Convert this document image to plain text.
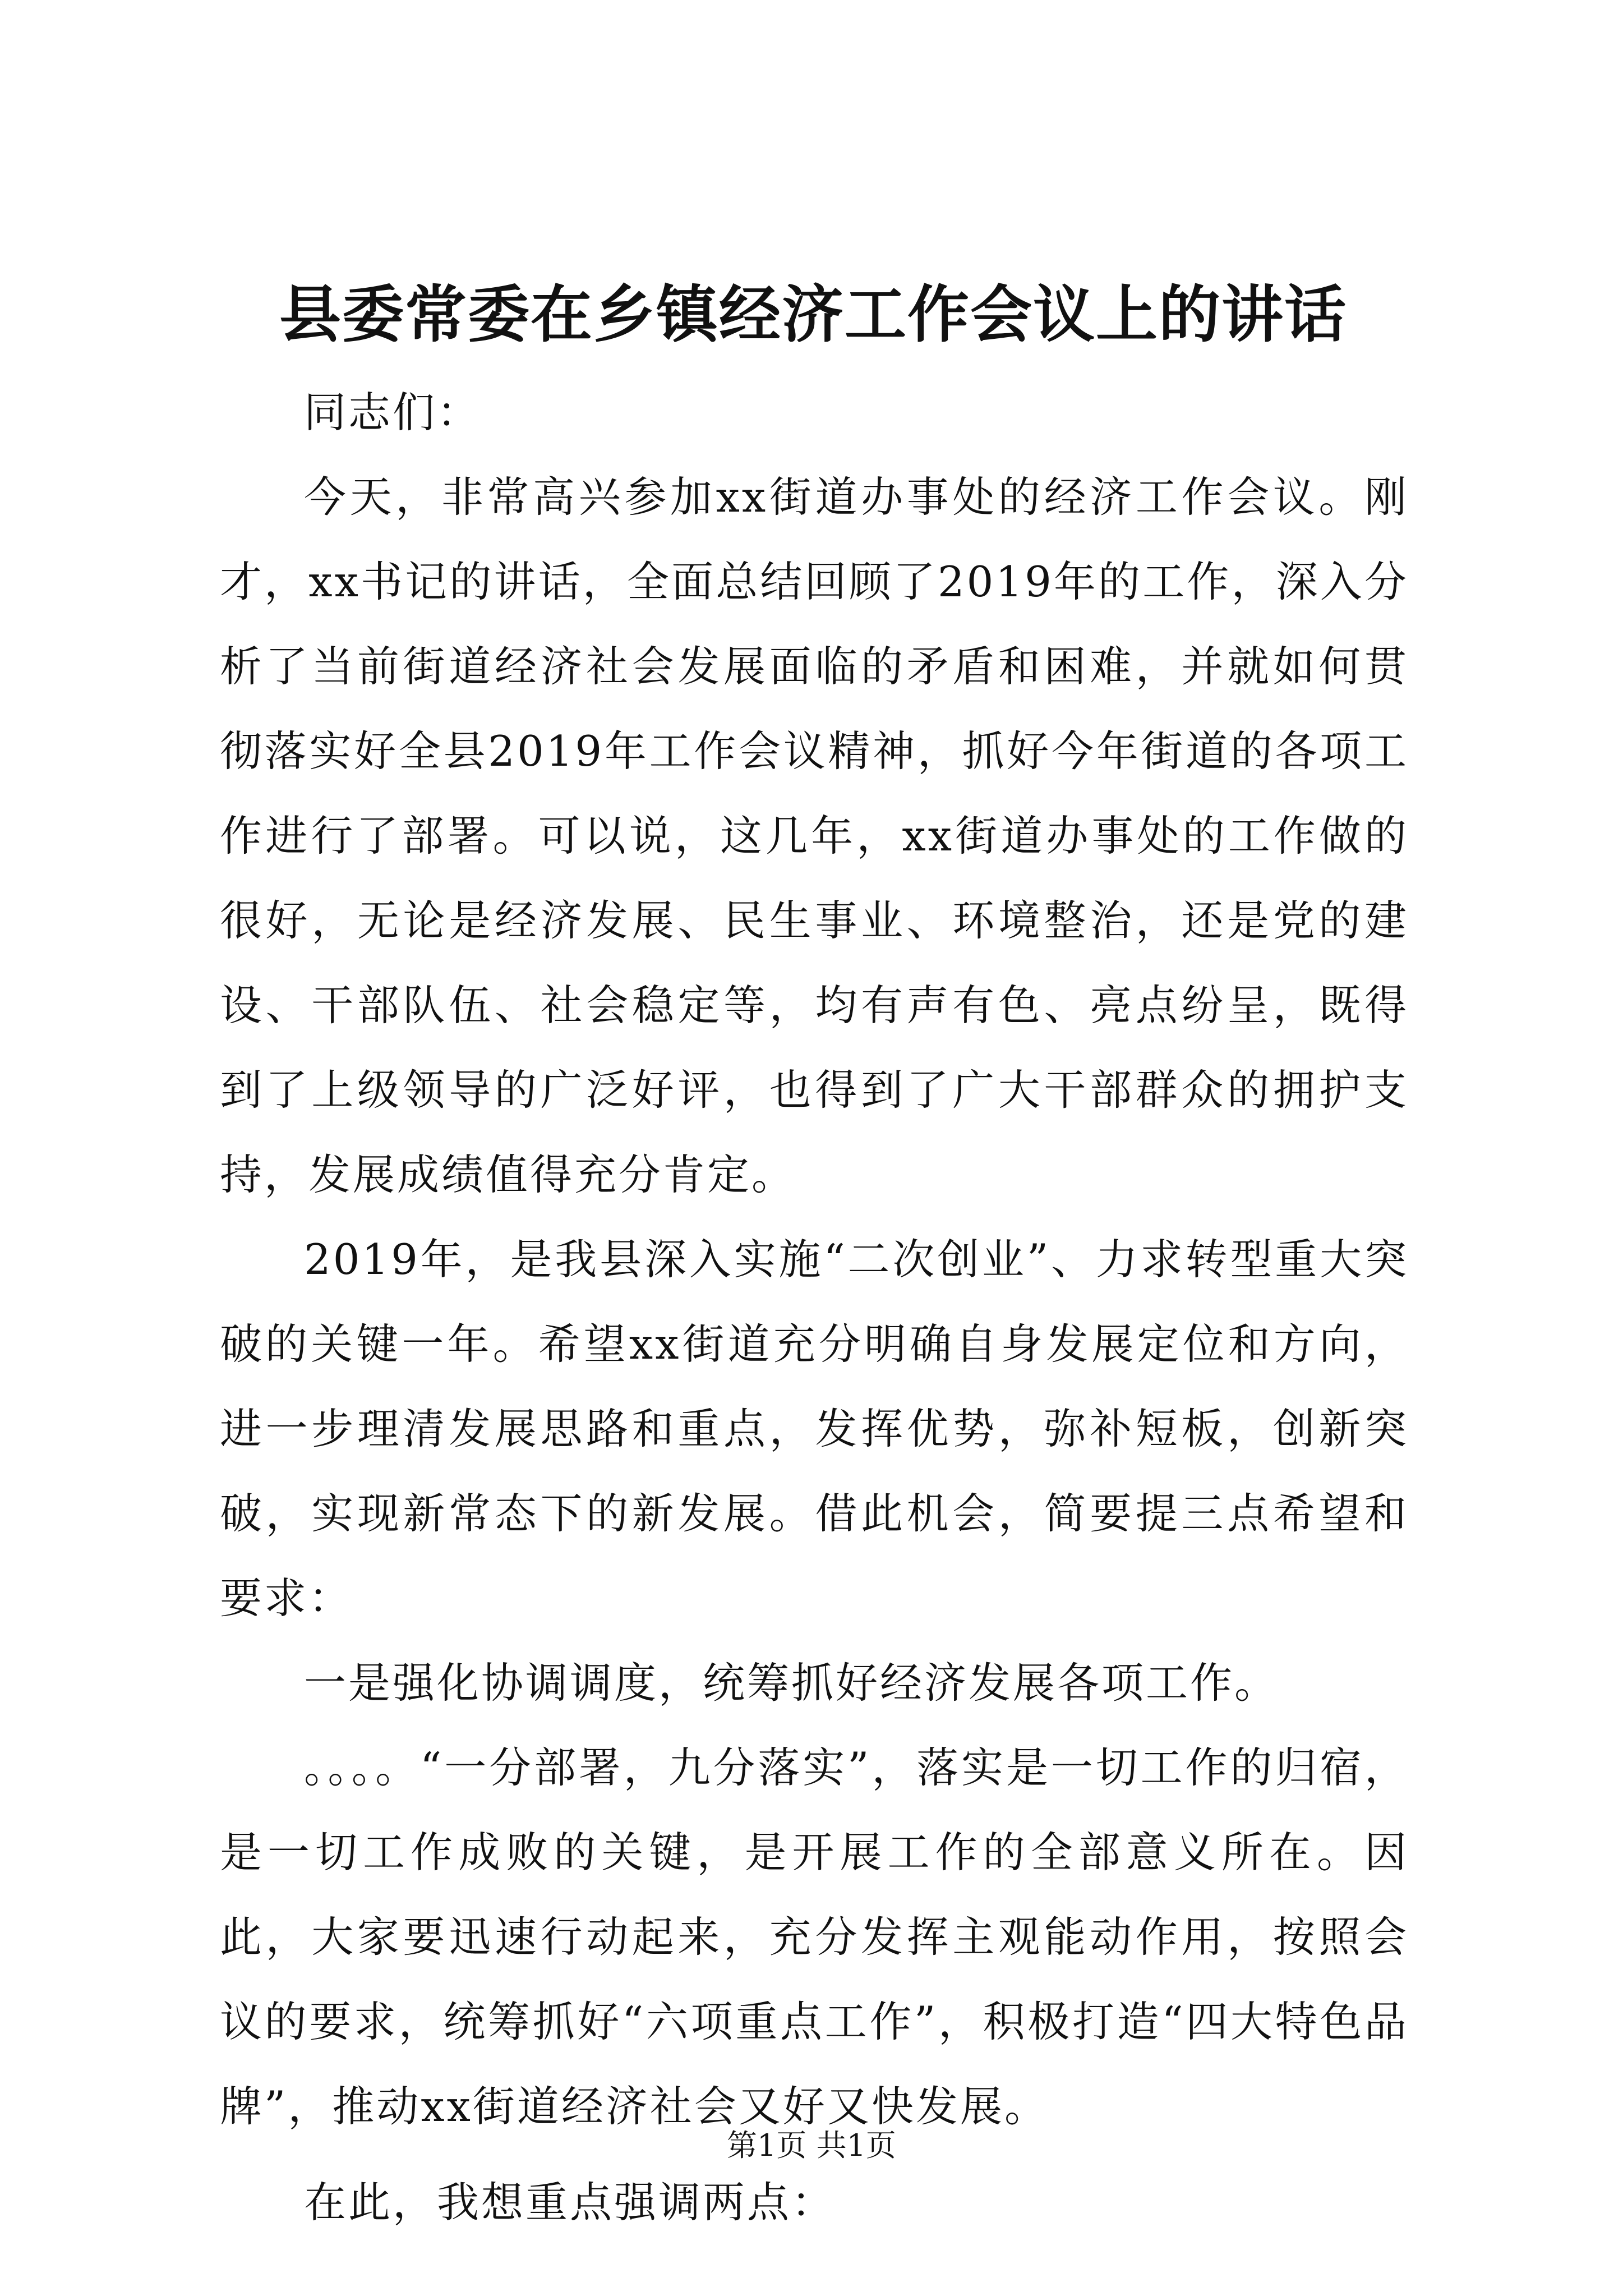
县委常委在乡镇经济工作会议上的讲话

同志们：

今天，非常高兴参加xx街道办事处的经济工作会议。刚才，xx书记的讲话，全面总结回顾了2019年的工作，深入分析了当前街道经济社会发展面临的矛盾和困难，并就如何贯彻落实好全县2019年工作会议精神，抓好今年街道的各项工作进行了部署。可以说，这几年，xx街道办事处的工作做的很好，无论是经济发展、民生事业、环境整治，还是党的建设、干部队伍、社会稳定等，均有声有色、亮点纷呈，既得到了上级领导的广泛好评，也得到了广大干部群众的拥护支持，发展成绩值得充分肯定。

2019年，是我县深入实施“二次创业”、力求转型重大突破的关键一年。希望xx街道充分明确自身发展定位和方向，进一步理清发展思路和重点，发挥优势，弥补短板，创新突破，实现新常态下的新发展。借此机会，简要提三点希望和要求：

一是强化协调调度，统筹抓好经济发展各项工作。

。。。。“一分部署，九分落实”，落实是一切工作的归宿，是一切工作成败的关键，是开展工作的全部意义所在。因此，大家要迅速行动起来，充分发挥主观能动作用，按照会议的要求，统筹抓好“六项重点工作”，积极打造“四大特色品牌”，推动xx街道经济社会又好又快发展。

在此，我想重点强调两点：

第1页 共1页
